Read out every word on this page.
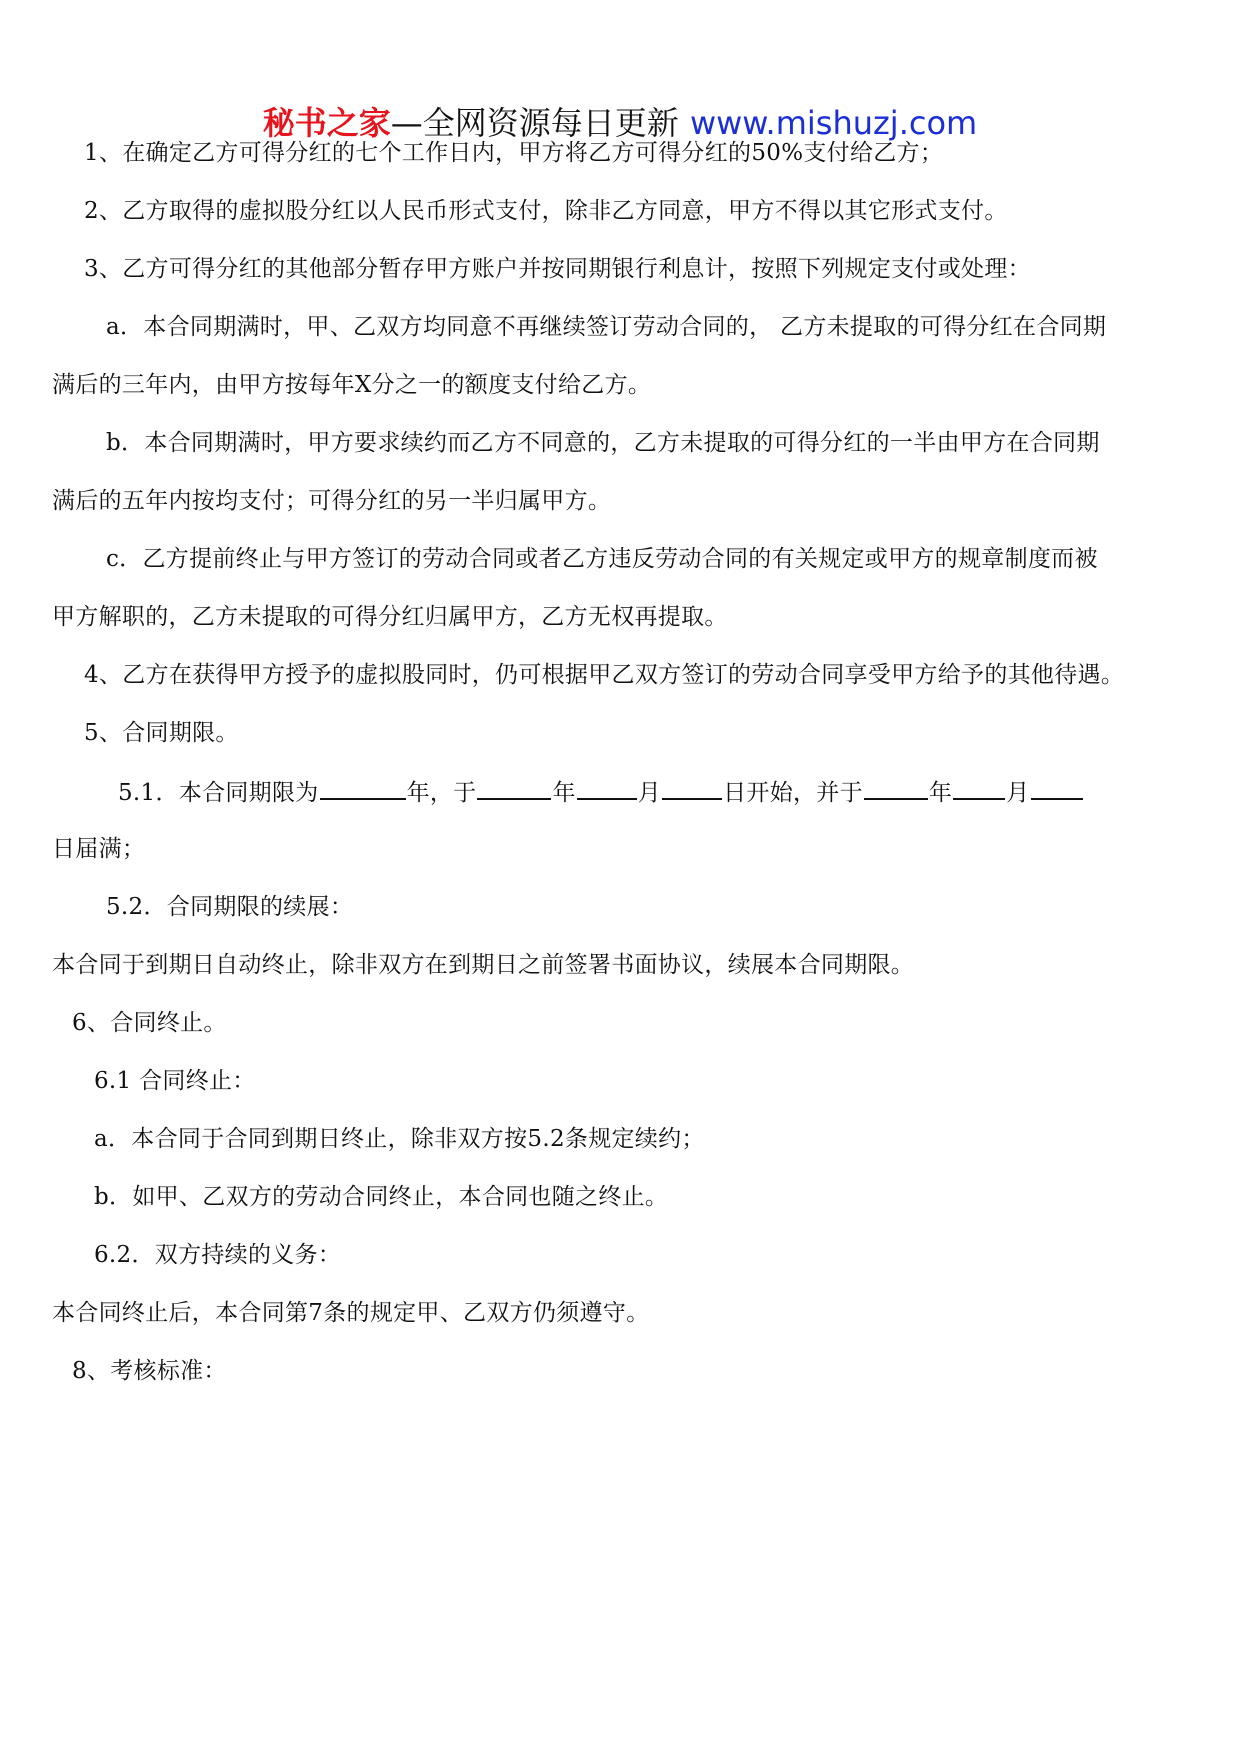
秘书之家—全网资源每日更新 www.mishuzj.com
1、在确定乙方可得分红的七个工作日内，甲方将乙方可得分红的50%支付给乙方；
2、乙方取得的虚拟股分红以人民币形式支付，除非乙方同意，甲方不得以其它形式支付。
3、乙方可得分红的其他部分暂存甲方账户并按同期银行利息计，按照下列规定支付或处理：
a．本合同期满时，甲、乙双方均同意不再继续签订劳动合同的， 乙方未提取的可得分红在合同期
满后的三年内，由甲方按每年X分之一的额度支付给乙方。
b．本合同期满时，甲方要求续约而乙方不同意的，乙方未提取的可得分红的一半由甲方在合同期
满后的五年内按均支付；可得分红的另一半归属甲方。
c．乙方提前终止与甲方签订的劳动合同或者乙方违反劳动合同的有关规定或甲方的规章制度而被
甲方解职的，乙方未提取的可得分红归属甲方，乙方无权再提取。
4、乙方在获得甲方授予的虚拟股同时，仍可根据甲乙双方签订的劳动合同享受甲方给予的其他待遇。
5、合同期限。
5.1．本合同期限为	年，于	年	月	日开始，并于	年 月
日届满；
5.2．合同期限的续展：
本合同于到期日自动终止，除非双方在到期日之前签署书面协议，续展本合同期限。
6、合同终止。
6.1 合同终止：
a．本合同于合同到期日终止，除非双方按5.2条规定续约；
b．如甲、乙双方的劳动合同终止，本合同也随之终止。
6.2．双方持续的义务：
本合同终止后，本合同第7条的规定甲、乙双方仍须遵守。
8、考核标准：
